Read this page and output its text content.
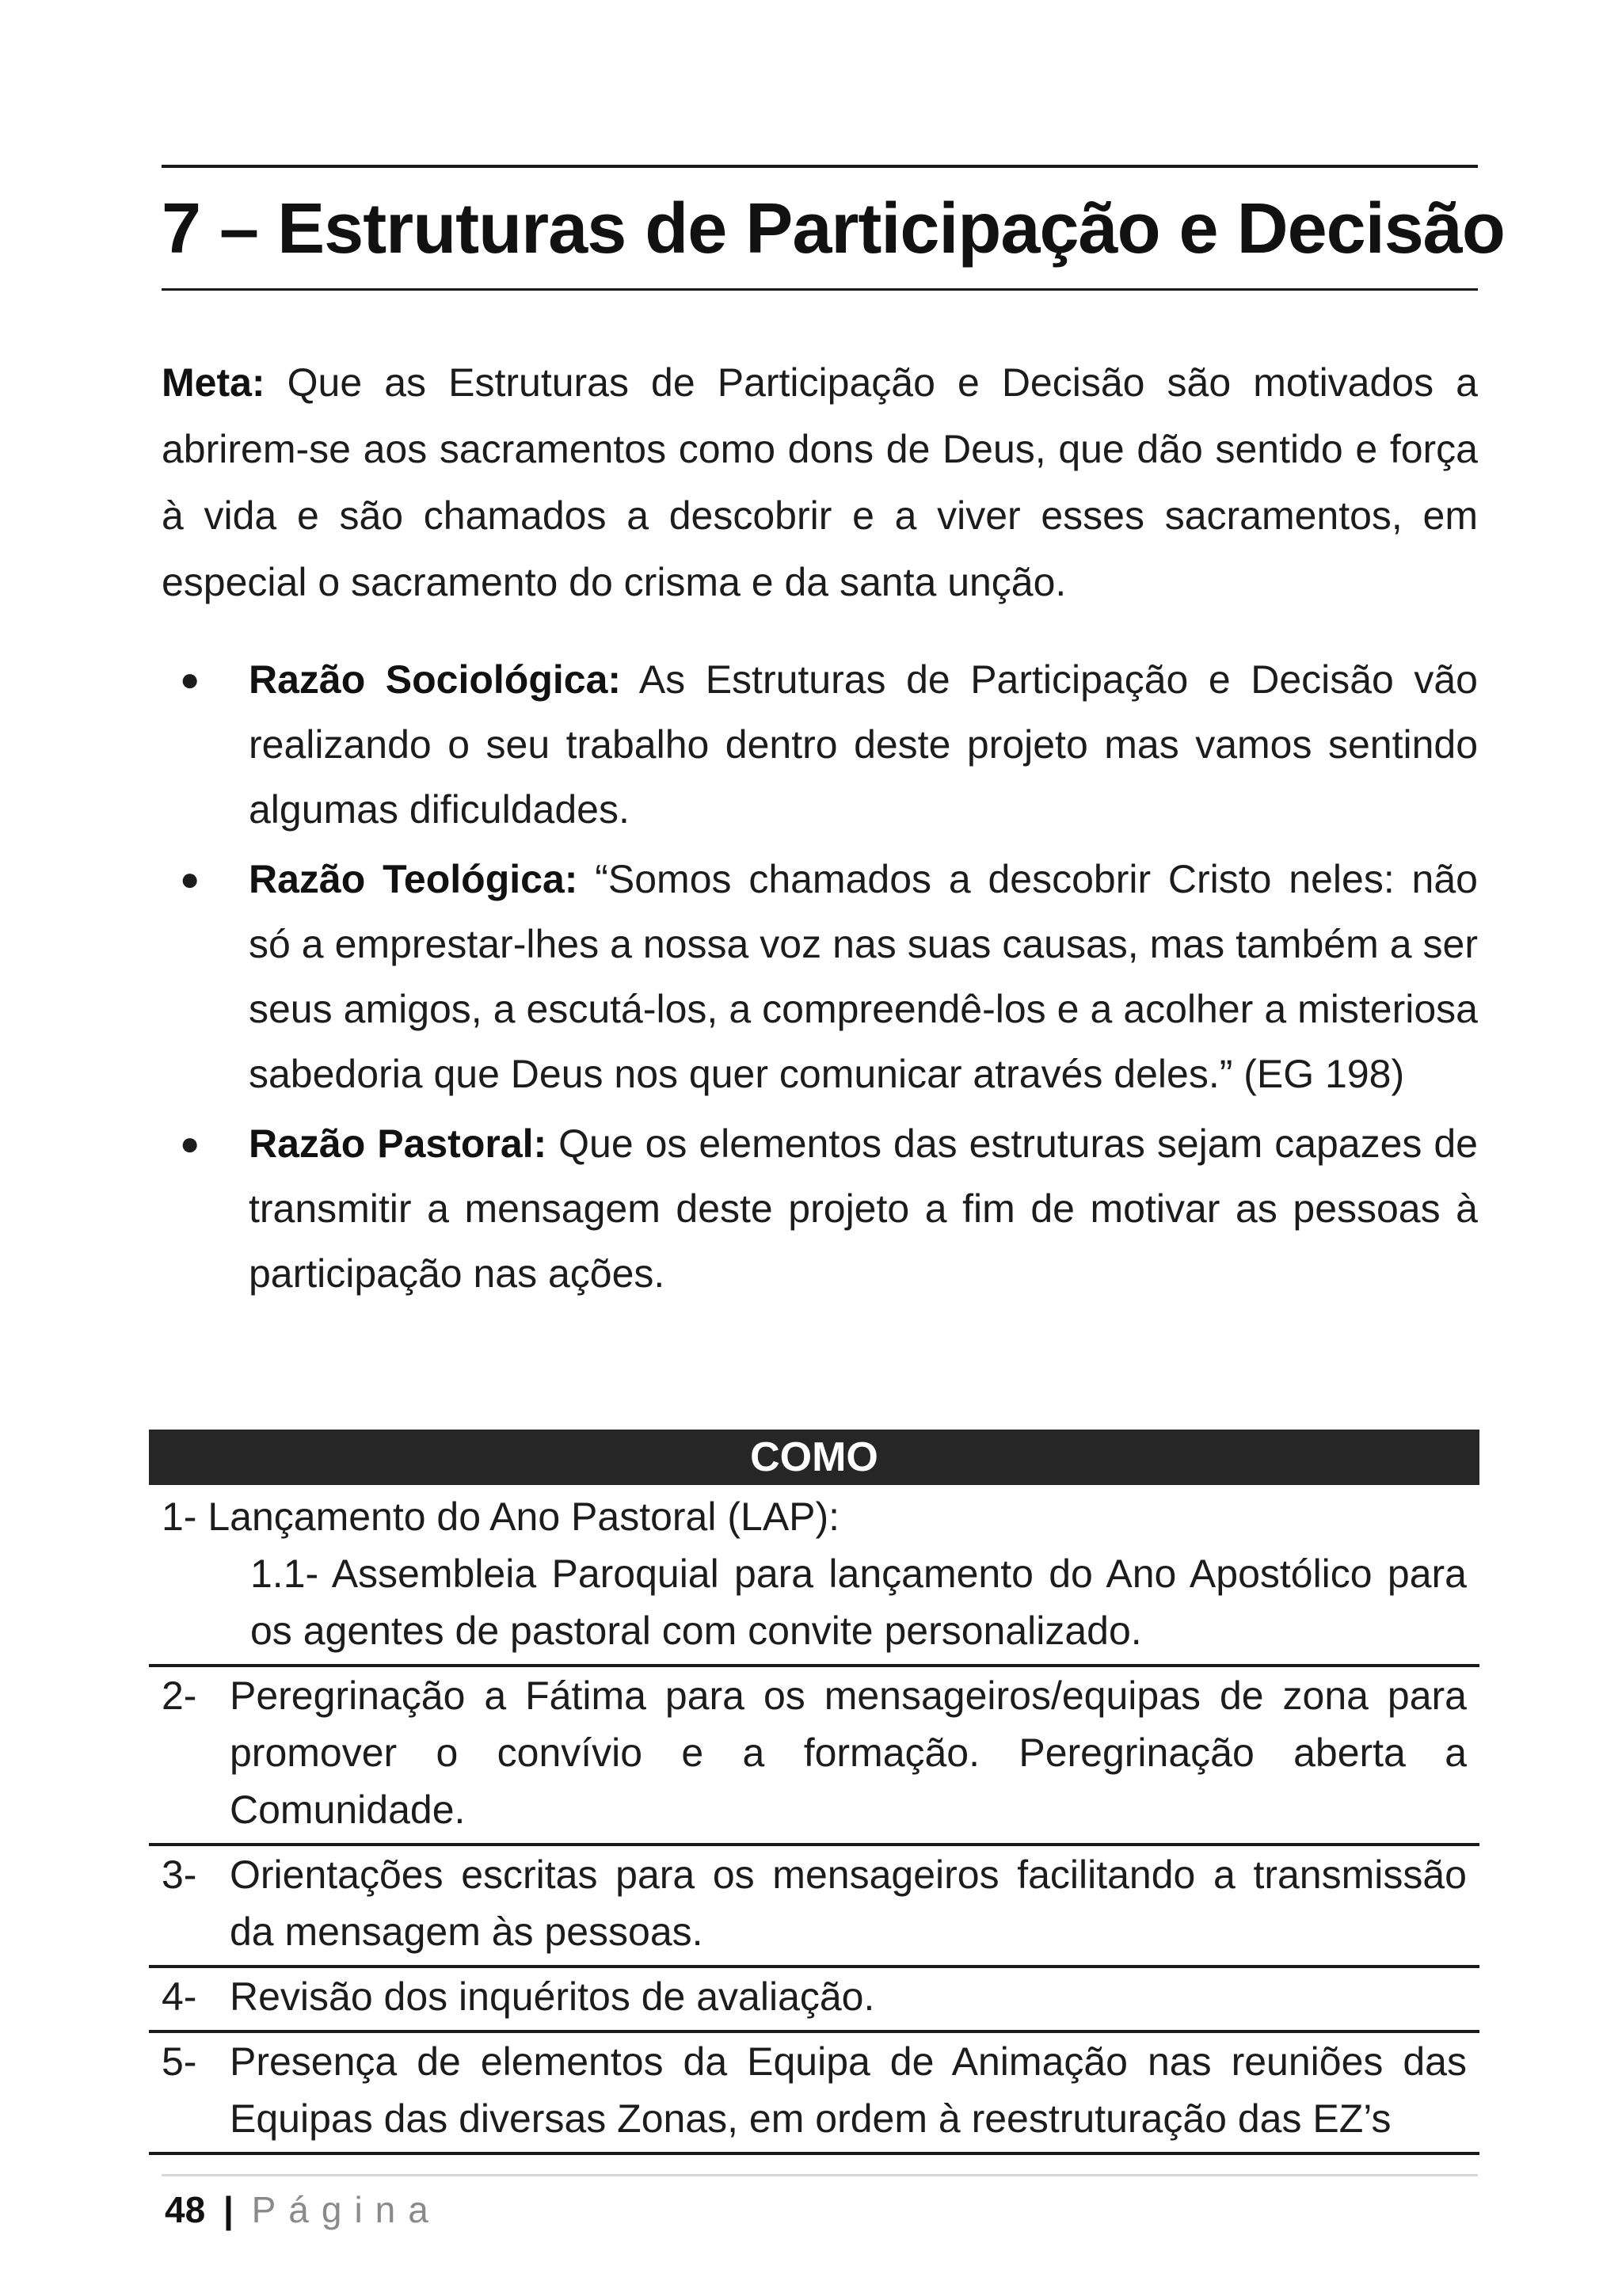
7 – Estruturas de Participação e Decisão
Meta: Que as Estruturas de Participação e Decisão são motivados a abrirem-se aos sacramentos como dons de Deus, que dão sentido e força à vida e são chamados a descobrir e a viver esses sacramentos, em especial o sacramento do crisma e da santa unção.
● Razão Sociológica: As Estruturas de Participação e Decisão vão realizando o seu trabalho dentro deste projeto mas vamos sentindo algumas dificuldades.
● Razão Teológica: “Somos chamados a descobrir Cristo neles: não só a emprestar-lhes a nossa voz nas suas causas, mas também a ser seus amigos, a escutá-los, a compreendê-los e a acolher a misteriosa sabedoria que Deus nos quer comunicar através deles.” (EG 198)
● Razão Pastoral: Que os elementos das estruturas sejam capazes de transmitir a mensagem deste projeto a fim de motivar as pessoas à participação nas ações.
COMO
1- Lançamento do Ano Pastoral (LAP):
1.1- Assembleia Paroquial para lançamento do Ano Apostólico para os agentes de pastoral com convite personalizado.
2- Peregrinação a Fátima para os mensageiros/equipas de zona para promover o convívio e a formação. Peregrinação aberta a Comunidade.
3- Orientações escritas para os mensageiros facilitando a transmissão da mensagem às pessoas.
4- Revisão dos inquéritos de avaliação.
5- Presença de elementos da Equipa de Animação nas reuniões das Equipas das diversas Zonas, em ordem à reestruturação das EZ’s
48 | Página
